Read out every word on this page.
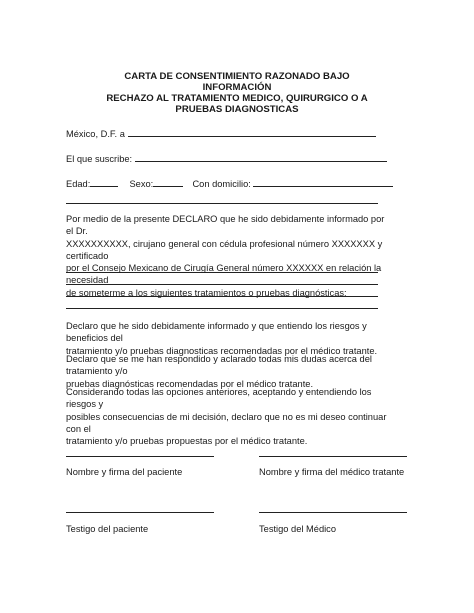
CARTA DE CONSENTIMIENTO RAZONADO BAJO
INFORMACIÓN
RECHAZO AL TRATAMIENTO MEDICO, QUIRURGICO O A
PRUEBAS DIAGNOSTICAS
México, D.F. a
El que suscribe:
Edad:	Sexo:	Con domicilio:
Por medio de la presente DECLARO que he sido debidamente informado por el Dr.
XXXXXXXXXX, cirujano general con cédula profesional número XXXXXXX y certificado
por el Consejo Mexicano de Cirugía General número XXXXXX en relación la necesidad
de someterme a los siguientes tratamientos o pruebas diagnósticas:
Declaro que he sido debidamente informado y que entiendo los riesgos y beneficios del
tratamiento y/o pruebas diagnosticas recomendadas por el médico tratante.
Declaro que se me han respondido y aclarado todas mis dudas acerca del tratamiento y/o
pruebas diagnósticas recomendadas por el médico tratante.
Considerando todas las opciones anteriores, aceptando y entendiendo los riesgos y
posibles consecuencias de mi decisión, declaro que no es mi deseo continuar con el
tratamiento y/o pruebas propuestas por el médico tratante.
Nombre y firma del paciente	Nombre y firma del médico tratante
Testigo del paciente	Testigo del Médico
